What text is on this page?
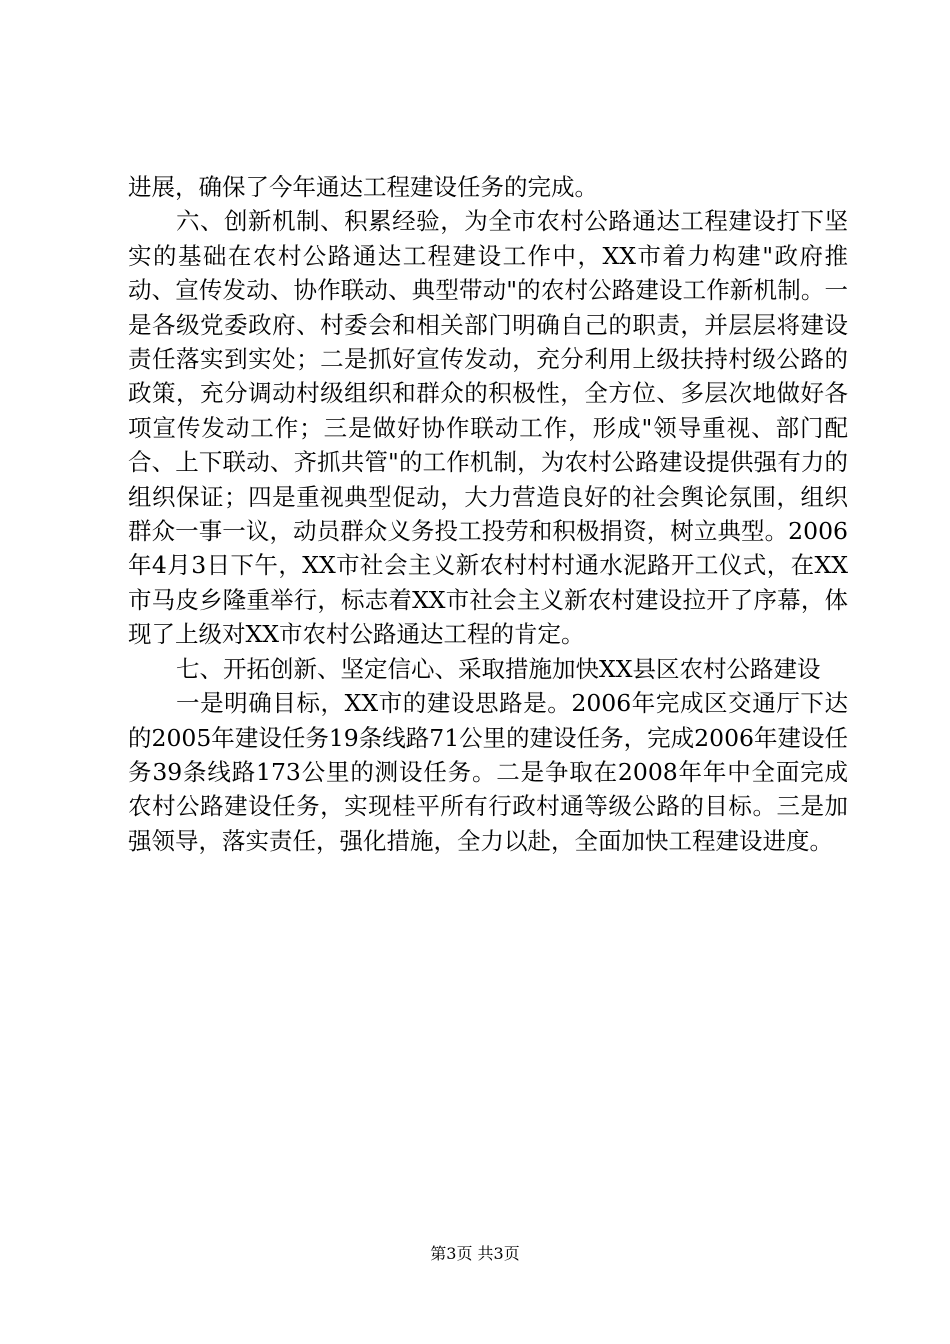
进展，确保了今年通达工程建设任务的完成。

六、创新机制、积累经验，为全市农村公路通达工程建设打下坚实的基础在农村公路通达工程建设工作中，XX市着力构建"政府推动、宣传发动、协作联动、典型带动"的农村公路建设工作新机制。一是各级党委政府、村委会和相关部门明确自己的职责，并层层将建设责任落实到实处；二是抓好宣传发动，充分利用上级扶持村级公路的政策，充分调动村级组织和群众的积极性，全方位、多层次地做好各项宣传发动工作；三是做好协作联动工作，形成"领导重视、部门配合、上下联动、齐抓共管"的工作机制，为农村公路建设提供强有力的组织保证；四是重视典型促动，大力营造良好的社会舆论氛围，组织群众一事一议，动员群众义务投工投劳和积极捐资，树立典型。2006年4月3日下午，XX市社会主义新农村村村通水泥路开工仪式，在XX市马皮乡隆重举行，标志着XX市社会主义新农村建设拉开了序幕，体现了上级对XX市农村公路通达工程的肯定。

七、开拓创新、坚定信心、采取措施加快XX县区农村公路建设

一是明确目标，XX市的建设思路是。2006年完成区交通厅下达的2005年建设任务19条线路71公里的建设任务，完成2006年建设任务39条线路173公里的测设任务。二是争取在2008年年中全面完成农村公路建设任务，实现桂平所有行政村通等级公路的目标。三是加强领导，落实责任，强化措施，全力以赴，全面加快工程建设进度。

第3页 共3页
